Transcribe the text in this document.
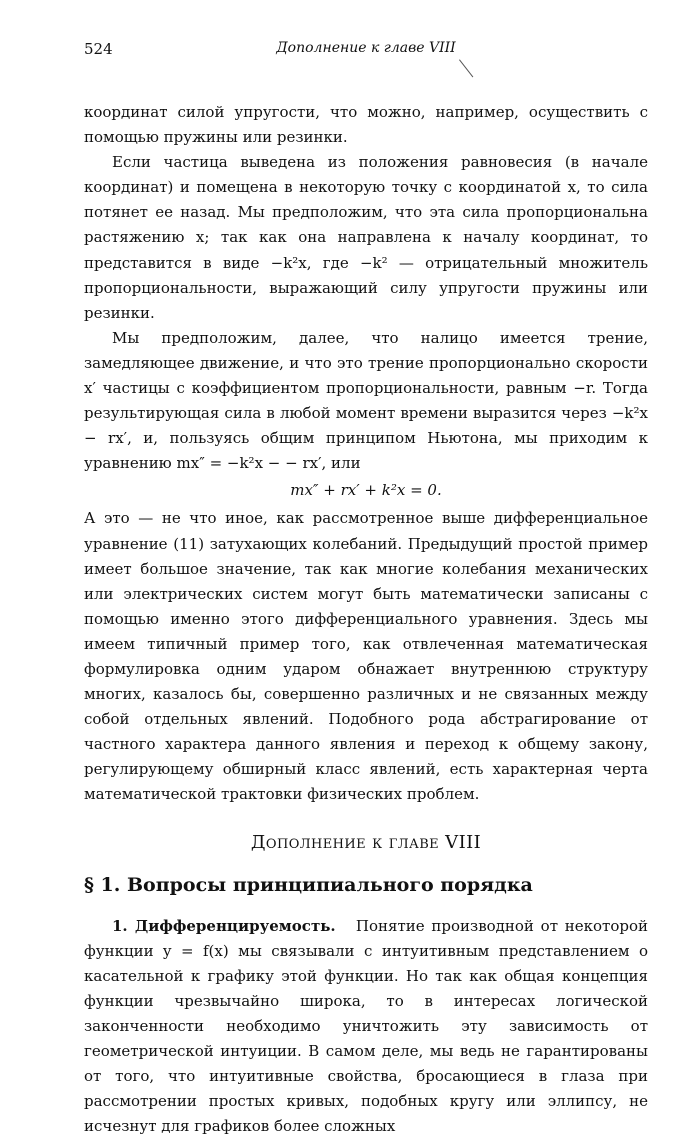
524	Дополнение к главе VIII

координат силой упругости, что можно, например, осуществить с помощью пружины или резинки.

Если частица выведена из положения равновесия (в начале координат) и помещена в некоторую точку с координатой x, то сила потянет ее назад. Мы предположим, что эта сила пропорциональна растяжению x; так как она направлена к началу координат, то представится в виде −k²x, где −k² — отрицательный множитель пропорциональности, выражающий силу упругости пружины или резинки.

Мы предположим, далее, что налицо имеется трение, замедляющее движение, и что это трение пропорционально скорости x′ частицы с коэффициентом пропорциональности, равным −r. Тогда результирующая сила в любой момент времени выразится через −k²x − rx′, и, пользуясь общим принципом Ньютона, мы приходим к уравнению mx″ = −k²x − − rx′, или

mx″ + rx′ + k²x = 0.

А это — не что иное, как рассмотренное выше дифференциальное уравнение (11) затухающих колебаний. Предыдущий простой пример имеет большое значение, так как многие колебания механических или электрических систем могут быть математически записаны с помощью именно этого дифференциального уравнения. Здесь мы имеем типичный пример того, как отвлеченная математическая формулировка одним ударом обнажает внутреннюю структуру многих, казалось бы, совершенно различных и не связанных между собой отдельных явлений. Подобного рода абстрагирование от частного характера данного явления и переход к общему закону, регулирующему обширный класс явлений, есть характерная черта математической трактовки физических проблем.

Дополнение к главе VIII
§ 1. Вопросы принципиального порядка

1. Дифференцируемость. Понятие производной от некоторой функции y = f(x) мы связывали с интуитивным представлением о касательной к графику этой функции. Но так как общая концепция функции чрезвычайно широка, то в интересах логической законченности необходимо уничтожить эту зависимость от геометрической интуиции. В самом деле, мы ведь не гарантированы от того, что интуитивные свойства, бросающиеся в глаза при рассмотрении простых кривых, подобных кругу или эллипсу, не исчезнут для графиков более сложных
